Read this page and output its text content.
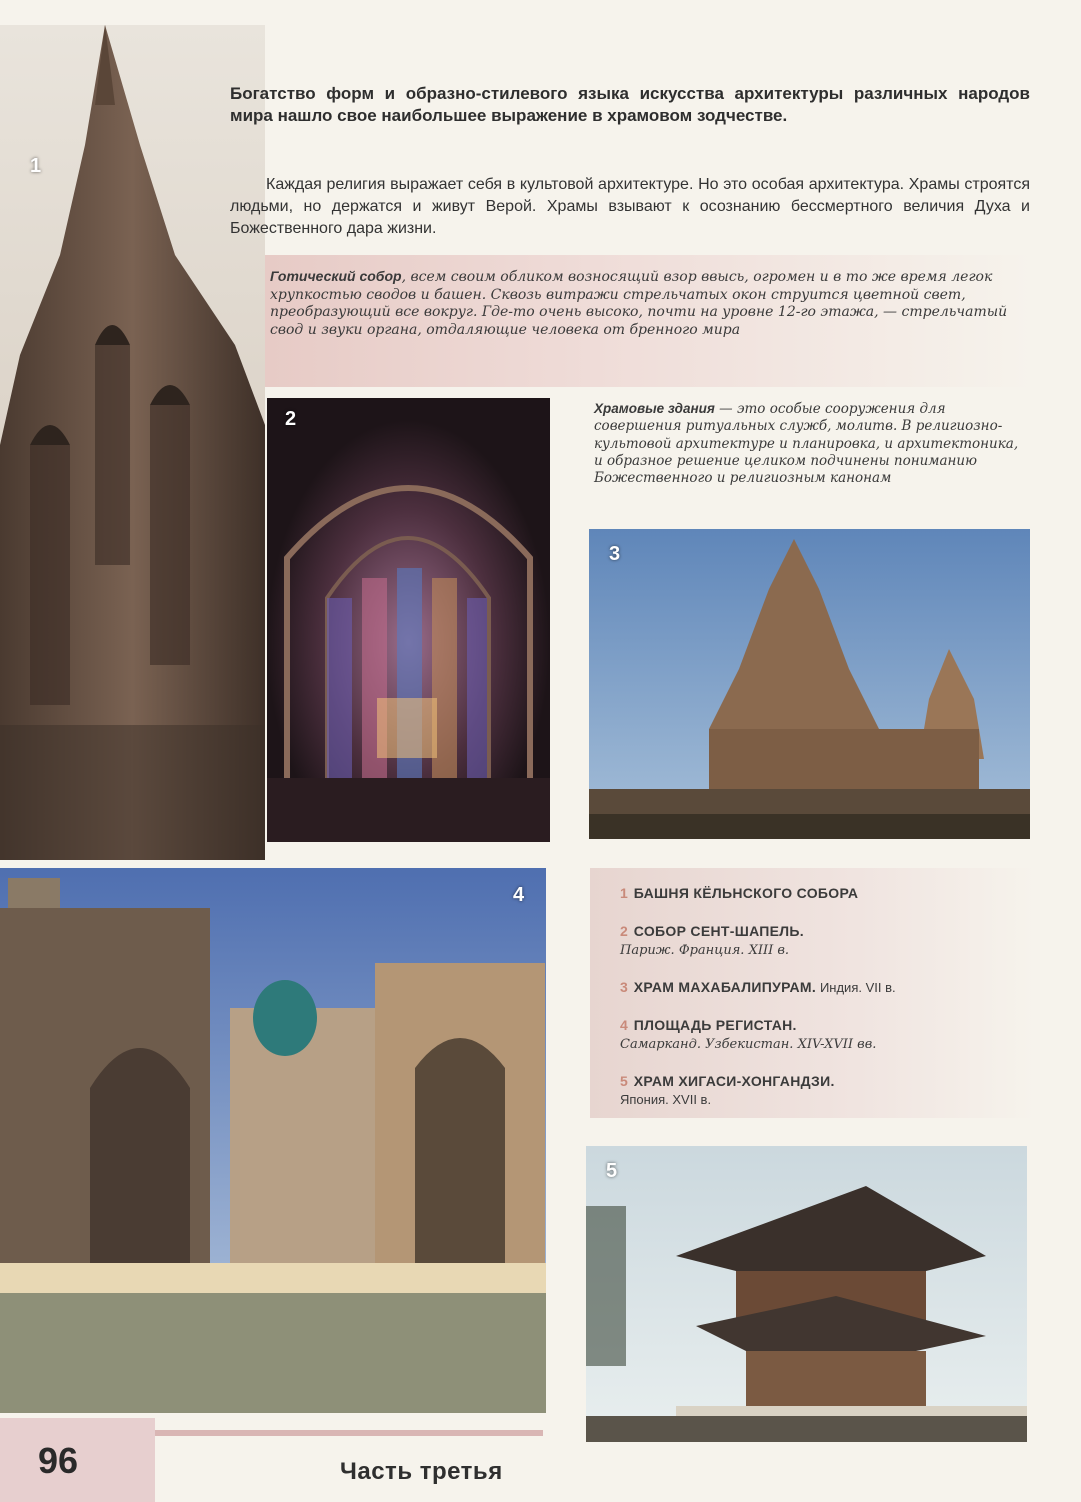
1
2
3
4
5
Богатство форм и образно-стилевого языка искусства архитектуры различных народов мира нашло свое наибольшее выражение в храмовом зодчестве.
Каждая религия выражает себя в культовой архитектуре. Но это особая архитектура. Храмы строятся людьми, но держатся и живут Верой. Храмы взывают к осознанию бессмертного величия Духа и Божественного дара жизни.
Готический собор, всем своим обликом возносящий взор ввысь, огромен и в то же время легок хрупкостью сводов и башен. Сквозь витражи стрельчатых окон струится цветной свет, преобразующий все вокруг. Где-то очень высоко, почти на уровне 12-го этажа, — стрельчатый свод и звуки органа, отдаляющие человека от бренного мира
Храмовые здания — это особые сооружения для совершения ритуальных служб, молитв. В религиозно-культовой архитектуре и планировка, и архитектоника, и образное решение целиком подчинены пониманию Божественного и религиозным канонам
1 БАШНЯ КЁЛЬНСКОГО СОБОРА
2 СОБОР СЕНТ-ШАПЕЛЬ.
Париж. Франция. XIII в.
3 ХРАМ МАХАБАЛИПУРАМ. Индия. VII в.
4 ПЛОЩАДЬ РЕГИСТАН.
Самарканд. Узбекистан. XIV-XVII вв.
5 ХРАМ ХИГАСИ-ХОНГАНДЗИ.
Япония. XVII в.
96	Часть третья
